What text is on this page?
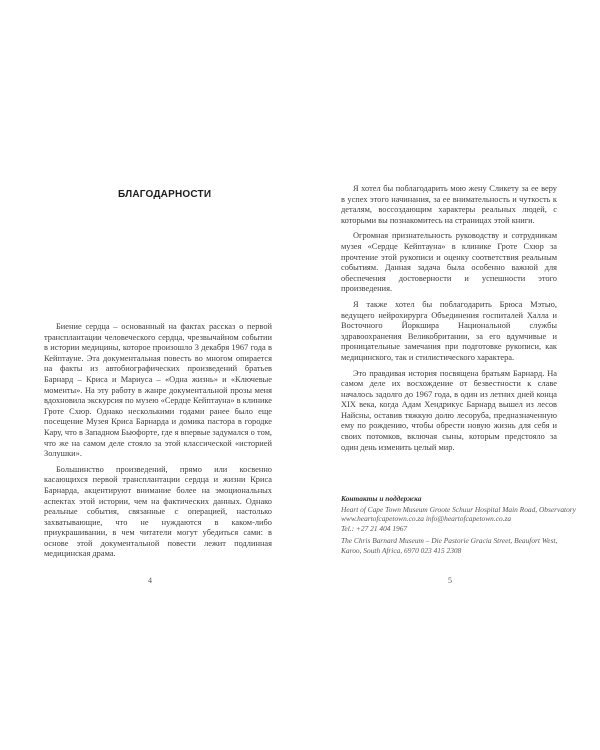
БЛАГОДАРНОСТИ

Биение сердца – основанный на фактах рассказ о первой трансплантации человеческого сердца, чрезвычайном событии в истории медицины, которое произошло 3 декабря 1967 года в Кейптауне. Эта документальная повесть во многом опирается на факты из автобиографических произведений братьев Барнард – Криса и Мариуса – «Одна жизнь» и «Ключевые моменты». На эту работу в жанре документальной прозы меня вдохновила экскурсия по музею «Сердце Кейптауна» в клинике Гроте Схюр. Однако несколькими годами ранее было еще посещение Музея Криса Барнарда и домика пастора в городке Кару, что в Западном Бьюфорте, где я впервые задумался о том, что же на самом деле стояло за этой классической «историей Золушки».

Большинство произведений, прямо или косвенно касающихся первой трансплантации сердца и жизни Криса Барнарда, акцентируют внимание более на эмоциональных аспектах этой истории, чем на фактических данных. Однако реальные события, связанные с операцией, настолько захватывающие, что не нуждаются в каком-либо приукрашивании, в чем читатели могут убедиться сами: в основе этой документальной повести лежит подлинная медицинская драма.

4

Я хотел бы поблагодарить мою жену Сликету за ее веру в успех этого начинания, за ее внимательность и чуткость к деталям, воссоздающим характеры реальных людей, с которыми вы познакомитесь на страницах этой книги.

Огромная признательность руководству и сотрудникам музея «Сердце Кейптауна» в клинике Гроте Схюр за прочтение этой рукописи и оценку соответствия реальным событиям. Данная задача была особенно важной для обеспечения достоверности и успешности этого произведения.

Я также хотел бы поблагодарить Брюса Мэтью, ведущего нейрохирурга Объединения госпиталей Халла и Восточного Йоркшира Национальной службы здравоохранения Великобритании, за его вдумчивые и проницательные замечания при подготовке рукописи, как медицинского, так и стилистического характера.

Это правдивая история посвящена братьям Барнард. На самом деле их восхождение от безвестности к славе началось задолго до 1967 года, в один из летних дней конца XIX века, когда Адам Хендрикус Барнард вышел из лесов Найсны, оставив тяжкую долю лесоруба, предназначенную ему по рождению, чтобы обрести новую жизнь для себя и своих потомков, включая сыны, которым предстояло за один день изменить целый мир.

Контакты и поддержка
Heart of Cape Town Museum Groote Schuur Hospital Main Road, Observatory
www.heartofcapetown.co.za info@heartofcapetown.co.za
Tel.: +27 21 404 1967
The Chris Barnard Museum – Die Pastorie Gracia Street, Beaufort West,
Karoo, South Africa, 6970 023 415 2308
5
